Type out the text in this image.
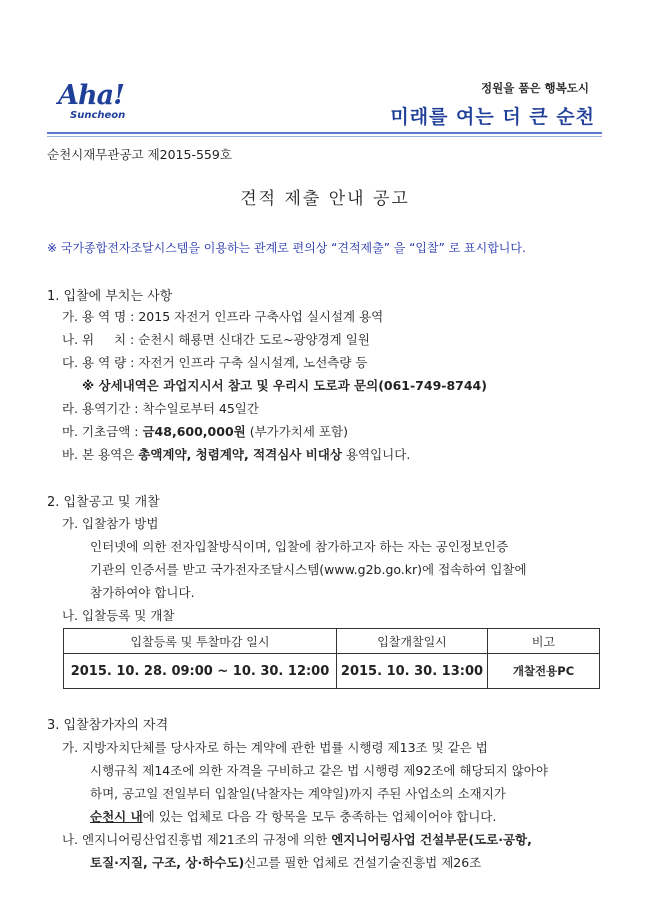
Aha!
Suncheon
정원을 품은 행복도시
미래를 여는 더 큰 순천
순천시재무관공고 제2015-559호
견적 제출 안내 공고
※ 국가종합전자조달시스템을 이용하는 관계로 편의상 “견적제출” 을 “입찰” 로 표시합니다.
1. 입찰에 부치는 사항
가. 용 역 명 : 2015 자전거 인프라 구축사업 실시설계 용역
나. 위     치 : 순천시 해룡면 신대간 도로~광양경계 일원
다. 용 역 량 : 자전거 인프라 구축 실시설계, 노선측량 등
※ 상세내역은 과업지시서 참고 및 우리시 도로과 문의(061-749-8744)
라. 용역기간 : 착수일로부터 45일간
마. 기초금액 : 금48,600,000원 (부가가치세 포함)
바. 본 용역은 총액계약, 청렴계약, 적격심사 비대상 용역입니다.
2. 입찰공고 및 개찰
가. 입찰참가 방법
인터넷에 의한 전자입찰방식이며, 입찰에 참가하고자 하는 자는 공인정보인증
기관의 인증서를 받고 국가전자조달시스템(www.g2b.go.kr)에 접속하여 입찰에
참가하여야 합니다.
나. 입찰등록 및 개찰
입찰등록 및 투찰마감 일시	입찰개찰일시	비고
2015. 10. 28. 09:00 ~ 10. 30. 12:00	2015. 10. 30. 13:00	개찰전용PC
3. 입찰참가자의 자격
가. 지방자치단체를 당사자로 하는 계약에 관한 법률 시행령 제13조 및 같은 법
시행규칙 제14조에 의한 자격을 구비하고 같은 법 시행령 제92조에 해당되지 않아야
하며, 공고일 전일부터 입찰일(낙찰자는 계약일)까지 주된 사업소의 소재지가
순천시 내에 있는 업체로 다음 각 항목을 모두 충족하는 업체이어야 합니다.
나. 엔지니어링산업진흥법 제21조의 규정에 의한 엔지니어링사업 건설부문(도로·공항,
토질·지질, 구조, 상·하수도)신고를 필한 업체로 건설기술진흥법 제26조
